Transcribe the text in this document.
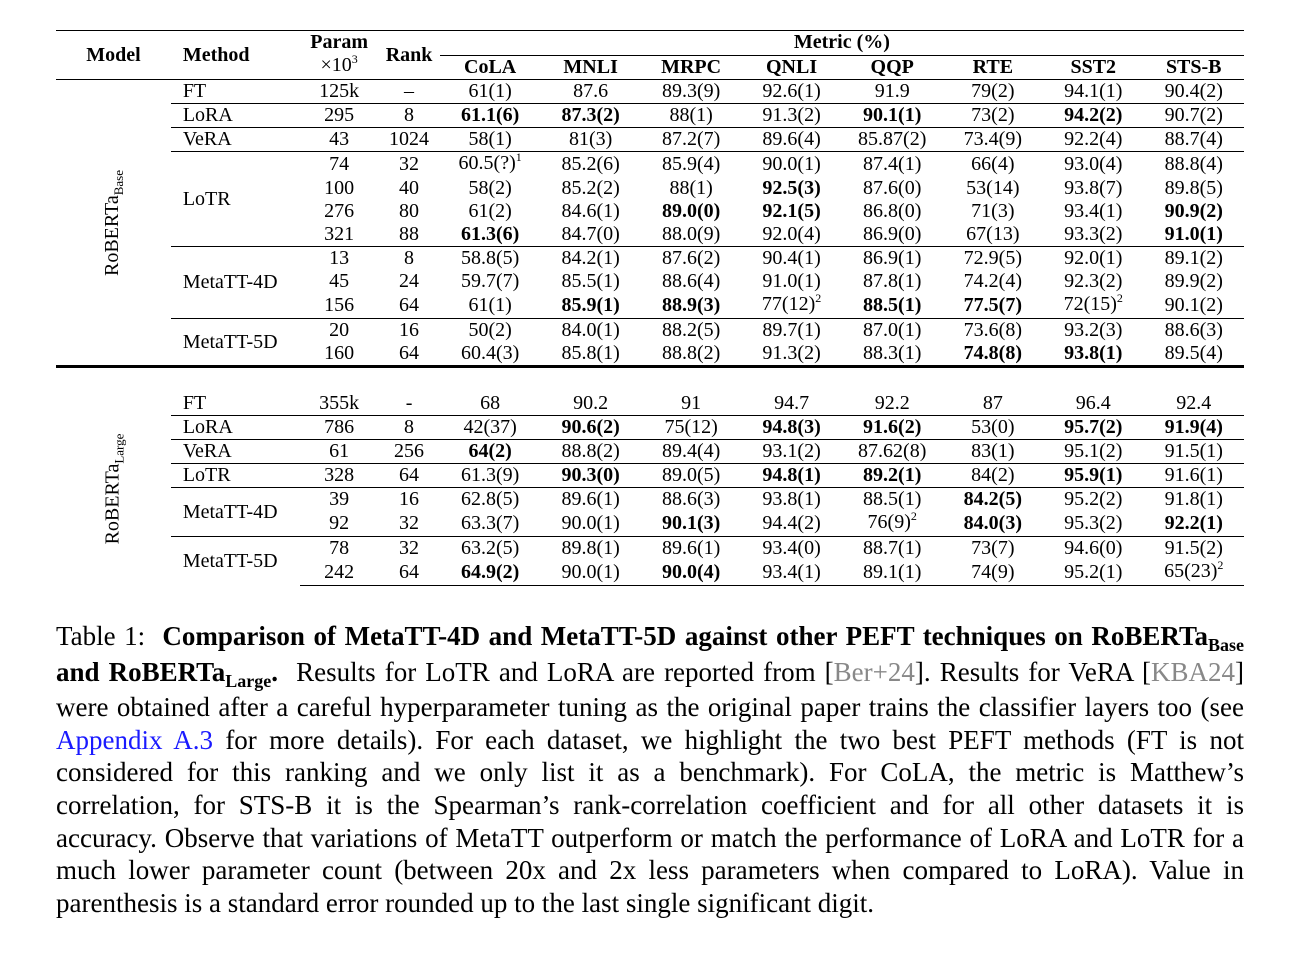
Model	Method	Param
$\times 10^3$	Rank	Metric (%)							
				CoLA	MNLI	MRPC	QNLI	QQP	RTE	SST2	STS-B
RoBERTa$_{Base}$	FT	125k	–	61(1)	87.6	89.3(9)	92.6(1)	91.9	79(2)	94.1(1)	90.4(2)
	LoRA	295	8	61.1(6)	87.3(2)	88(1)	91.3(2)	90.1(1)	73(2)	94.2(2)	90.7(2)
	VeRA	43	1024	58(1)	81(3)	87.2(7)	89.6(4)	85.87(2)	73.4(9)	92.2(4)	88.7(4)
	LoTR	74	32	60.5(?)$^1$	85.2(6)	85.9(4)	90.0(1)	87.4(1)	66(4)	93.0(4)	88.8(4)
		100	40	58(2)	85.2(2)	88(1)	92.5(3)	87.6(0)	53(14)	93.8(7)	89.8(5)
		276	80	61(2)	84.6(1)	89.0(0)	92.1(5)	86.8(0)	71(3)	93.4(1)	90.9(2)
		321	88	61.3(6)	84.7(0)	88.0(9)	92.0(4)	86.9(0)	67(13)	93.3(2)	91.0(1)
	MetaTT-4D	13	8	58.8(5)	84.2(1)	87.6(2)	90.4(1)	86.9(1)	72.9(5)	92.0(1)	89.1(2)
		45	24	59.7(7)	85.5(1)	88.6(4)	91.0(1)	87.8(1)	74.2(4)	92.3(2)	89.9(2)
		156	64	61(1)	85.9(1)	88.9(3)	$77(12)^2$	88.5(1)	77.5(7)	$72(15)^2$	90.1(2)
	MetaTT-5D	20	16	50(2)	84.0(1)	88.2(5)	89.7(1)	87.0(1)	73.6(8)	93.2(3)	88.6(3)
		160	64	60.4(3)	85.8(1)	88.8(2)	91.3(2)	88.3(1)	74.8(8)	93.8(1)	89.5(4)

RoBERTa$_{Large}$	FT	355k	-	68	90.2	91	94.7	92.2	87	96.4	92.4
	LoRA	786	8	42(37)	90.6(2)	75(12)	94.8(3)	91.6(2)	53(0)	95.7(2)	91.9(4)
	VeRA	61	256	64(2)	88.8(2)	89.4(4)	93.1(2)	87.62(8)	83(1)	95.1(2)	91.5(1)
	LoTR	328	64	61.3(9)	90.3(0)	89.0(5)	94.8(1)	89.2(1)	84(2)	95.9(1)	91.6(1)
	MetaTT-4D	39	16	62.8(5)	89.6(1)	88.6(3)	93.8(1)	88.5(1)	84.2(5)	95.2(2)	91.8(1)
		92	32	63.3(7)	90.0(1)	90.1(3)	94.4(2)	$76(9)^2$	84.0(3)	95.3(2)	92.2(1)
	MetaTT-5D	78	32	63.2(5)	89.8(1)	89.6(1)	93.4(0)	88.7(1)	73(7)	94.6(0)	91.5(2)
		242	64	64.9(2)	90.0(1)	90.0(4)	93.4(1)	89.1(1)	74(9)	95.2(1)	$65(23)^2$
Table 1: Comparison of MetaTT-4D and MetaTT-5D against other PEFT techniques on RoBERTa$_{Base}$ and RoBERTa$_{Large}$. Results for LoTR and LoRA are reported from [Ber+24]. Results for VeRA [KBA24] were obtained after a careful hyperparameter tuning as the original paper trains the classifier layers too (see Appendix A.3 for more details). For each dataset, we highlight the two best PEFT methods (FT is not considered for this ranking and we only list it as a benchmark). For CoLA, the metric is Matthew’s correlation, for STS-B it is the Spearman’s rank-correlation coefficient and for all other datasets it is accuracy. Observe that variations of MetaTT outperform or match the performance of LoRA and LoTR for a much lower parameter count (between 20x and 2x less parameters when compared to LoRA). Value in parenthesis is a standard error rounded up to the last single significant digit.
